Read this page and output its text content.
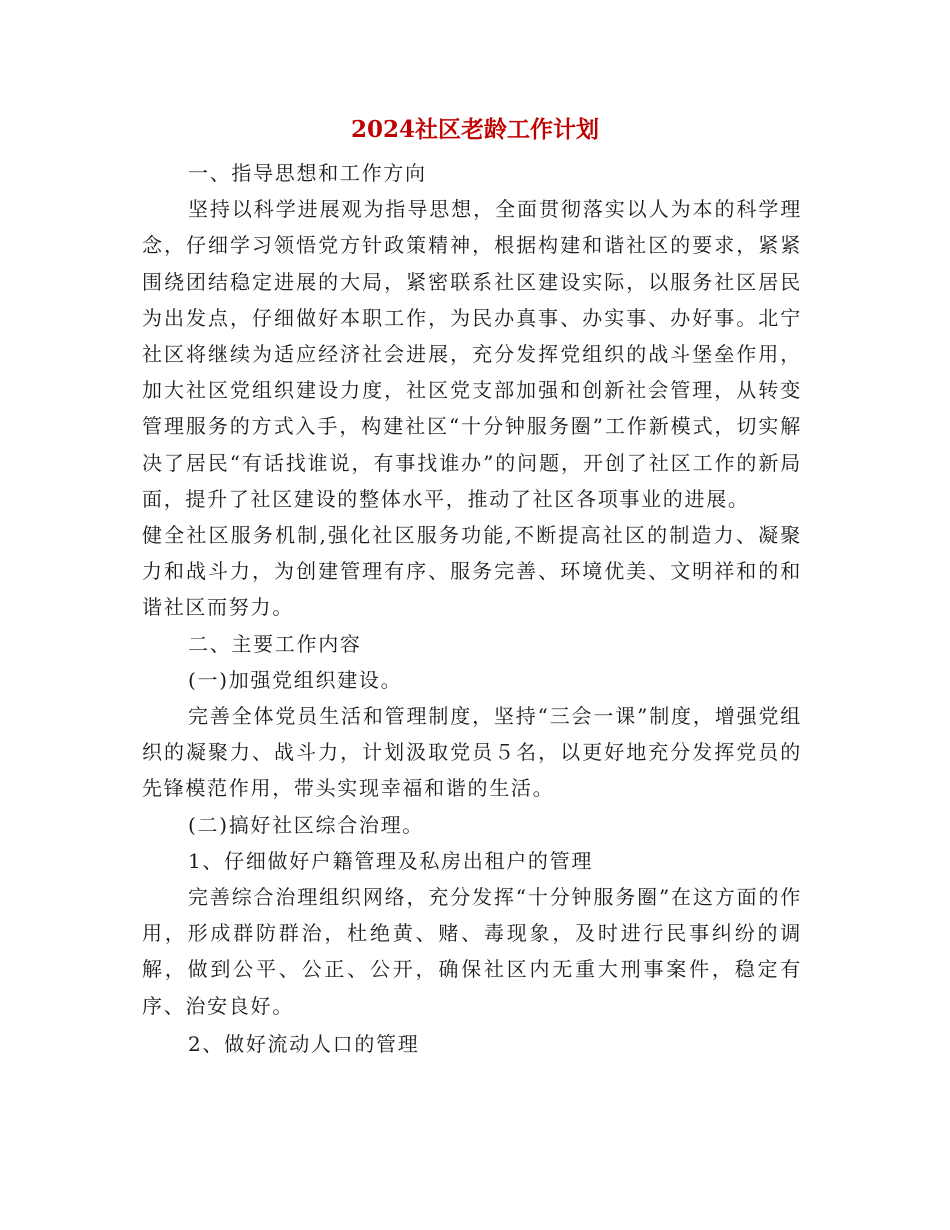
2024社区老龄工作计划

一、指导思想和工作方向

坚持以科学进展观为指导思想，全面贯彻落实以人为本的科学理念，仔细学习领悟党方针政策精神，根据构建和谐社区的要求，紧紧围绕团结稳定进展的大局，紧密联系社区建设实际，以服务社区居民为出发点，仔细做好本职工作，为民办真事、办实事、办好事。北宁社区将继续为适应经济社会进展，充分发挥党组织的战斗堡垒作用，加大社区党组织建设力度，社区党支部加强和创新社会管理，从转变管理服务的方式入手，构建社区“十分钟服务圈”工作新模式，切实解决了居民“有话找谁说，有事找谁办”的问题，开创了社区工作的新局面，提升了社区建设的整体水平，推动了社区各项事业的进展。

健全社区服务机制,强化社区服务功能,不断提高社区的制造力、凝聚力和战斗力，为创建管理有序、服务完善、环境优美、文明祥和的和谐社区而努力。

二、主要工作内容

(一)加强党组织建设。

完善全体党员生活和管理制度，坚持“三会一课”制度，增强党组织的凝聚力、战斗力，计划汲取党员５名，以更好地充分发挥党员的先锋模范作用，带头实现幸福和谐的生活。

(二)搞好社区综合治理。

1、仔细做好户籍管理及私房出租户的管理

完善综合治理组织网络，充分发挥“十分钟服务圈”在这方面的作用，形成群防群治，杜绝黄、赌、毒现象，及时进行民事纠纷的调解，做到公平、公正、公开，确保社区内无重大刑事案件，稳定有序、治安良好。

2、做好流动人口的管理
